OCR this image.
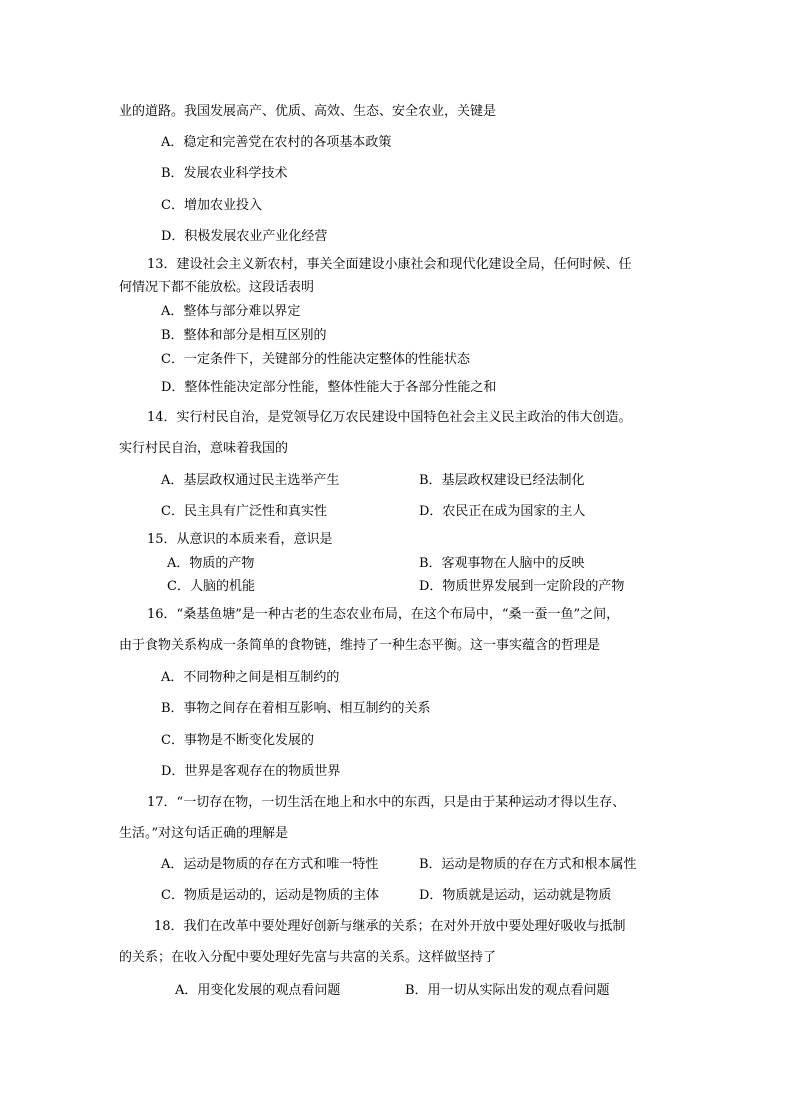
业的道路。我国发展高产、优质、高效、生态、安全农业，关键是
A．稳定和完善党在农村的各项基本政策
B．发展农业科学技术
C．增加农业投入
D．积极发展农业产业化经营
13．建设社会主义新农村，事关全面建设小康社会和现代化建设全局，任何时候、任
何情况下都不能放松。这段话表明
A．整体与部分难以界定
B．整体和部分是相互区别的
C．一定条件下，关键部分的性能决定整体的性能状态
D．整体性能决定部分性能，整体性能大于各部分性能之和
14．实行村民自治，是党领导亿万农民建设中国特色社会主义民主政治的伟大创造。
实行村民自治，意味着我国的
A．基层政权通过民主选举产生	B．基层政权建设已经法制化
C．民主具有广泛性和真实性	D．农民正在成为国家的主人
15．从意识的本质来看，意识是
A．物质的产物	B．客观事物在人脑中的反映
C．人脑的机能	D．物质世界发展到一定阶段的产物
16．“桑基鱼塘”是一种古老的生态农业布局，在这个布局中，“桑一蚕一鱼”之间，
由于食物关系构成一条简单的食物链，维持了一种生态平衡。这一事实蕴含的哲理是
A．不同物种之间是相互制约的
B．事物之间存在着相互影响、相互制约的关系
C．事物是不断变化发展的
D．世界是客观存在的物质世界
17．“一切存在物，一切生活在地上和水中的东西，只是由于某种运动才得以生存、
生活。”对这句话正确的理解是
A．运动是物质的存在方式和唯一特性	B．运动是物质的存在方式和根本属性
C．物质是运动的，运动是物质的主体	D．物质就是运动，运动就是物质
18．我们在改革中要处理好创新与继承的关系；在对外开放中要处理好吸收与抵制
的关系；在收入分配中要处理好先富与共富的关系。这样做坚持了
A．用变化发展的观点看问题	B．用一切从实际出发的观点看问题
